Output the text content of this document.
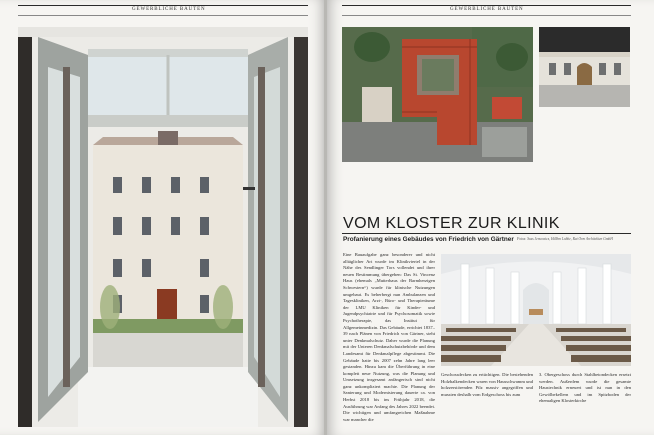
GEWERBLICHE BAUTEN	GEWERBLICHE BAUTEN
VOM KLOSTER ZUR KLINIK
Profanierung eines Gebäudes von Friedrich von Gärtner Fotos: Suss Jensowicz, Hillbm Lobbe, Rat Orm Architekten GmbH
Eine Bauaufgabe ganz besonderer und nicht alltäglicher Art wurde im Klinikviertel in der Nähe des Sendlinger Tors vollendet und ihrer neuen Bestimmung übergeben: Das St. Vincenz Haus (ehemals „Mutterhaus der Barmherzigen Schwestern“) wurde für klinische Nutzungen umgebaut. Es beherbergt nun Ambulanzen und Tageskliniken, Arzt-, Büro- und Therapieräume der LMU Kliniken für Kinder- und Jugendpsychiatrie und für Psychosomatik sowie Psychotherapie, das Institut für Allgemeinmedizin. Das Gebäude, errichtet 1837–39 nach Plänen von Friedrich von Gärtner, steht unter Denkmalschutz. Daher wurde die Planung mit der Unteren Denkmalschutzbehörde und dem Landesamt für Denkmalpflege abgestimmt. Die Gebäude hatte bis 2007 zehn Jahre lang leer gestanden. Hinzu kam die Überführung in eine komplett neue Nutzung, was die Planung und Umsetzung insgesamt anfängerisch sind nicht ganz unkompliziert machte. Die Planung der Sanierung und Modernisierung dauerte ca. von Herbst 2018 bis ins Frühjahr 2018, die Ausführung war Anfang des Jahres 2022 beendet. Die wichtigen und umfangreichen Maßnahme war mancher die
Geschossdecken zu ertüchtigen. Die bestehenden Holzbalkendecken waren von Hausschwamm und holzzerstörenden Pilz massiv angegriffen und mussten deshalb vom Erdgeschoss bis zum
3. Obergeschoss durch Stahlbetondecken ersetzt werden. Außerdem wurde die gesamte Haustechnik erneuert und ist nun in den Gewölbekellern und im Spitzboden der ehemaligen Klosterkirche
